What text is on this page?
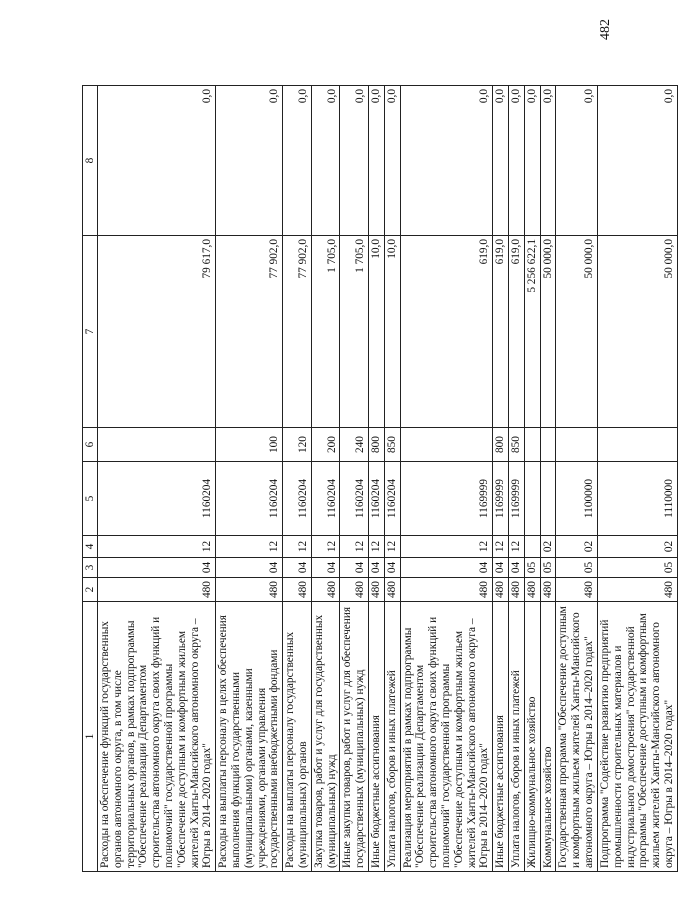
482
1	2	3	4	5	6	7	8
Расходы на обеспечение функций государственных органов автономного округа, в том числе территориальных органов, в рамках подпрограммы "Обеспечение реализации Департаментом строительства автономного округа своих функций и полномочий" государственной программы "Обеспечение доступным и комфортным жильем жителей Ханты-Мансийского автономного округа – Югры в 2014–2020 годах"	480	04	12	1160204		79 617,0	0,0
Расходы на выплаты персоналу в целях обеспечения выполнения функций государственными (муниципальными) органами, казенными учреждениями, органами управления государственными внебюджетными фондами	480	04	12	1160204	100	77 902,0	0,0
Расходы на выплаты персоналу государственных (муниципальных) органов	480	04	12	1160204	120	77 902,0	0,0
Закупка товаров, работ и услуг для государственных (муниципальных) нужд	480	04	12	1160204	200	1 705,0	0,0
Иные закупки товаров, работ и услуг для обеспечения государственных (муниципальных) нужд	480	04	12	1160204	240	1 705,0	0,0
Иные бюджетные ассигнования	480	04	12	1160204	800	10,0	0,0
Уплата налогов, сборов и иных платежей	480	04	12	1160204	850	10,0	0,0
Реализация мероприятий в рамках подпрограммы "Обеспечение реализации Департаментом строительства автономного округа своих функций и полномочий" государственной программы "Обеспечение доступным и комфортным жильем жителей Ханты-Мансийского автономного округа – Югры в 2014–2020 годах"	480	04	12	1169999		619,0	0,0
Иные бюджетные ассигнования	480	04	12	1169999	800	619,0	0,0
Уплата налогов, сборов и иных платежей	480	04	12	1169999	850	619,0	0,0
Жилищно-коммунальное хозяйство	480	05				5 256 622,1	0,0
Коммунальное хозяйство	480	05	02			50 000,0	0,0
Государственная программа "Обеспечение доступным и комфортным жильем жителей Ханты-Мансийского автономного округа – Югры в 2014–2020 годах"	480	05	02	1100000		50 000,0	0,0
Подпрограмма "Содействие развитию предприятий промышленности строительных материалов и индустриального домостроения" государственной программы "Обеспечение доступным и комфортным жильем жителей Ханты-Мансийского автономного округа – Югры в 2014–2020 годах"	480	05	02	1110000		50 000,0	0,0
